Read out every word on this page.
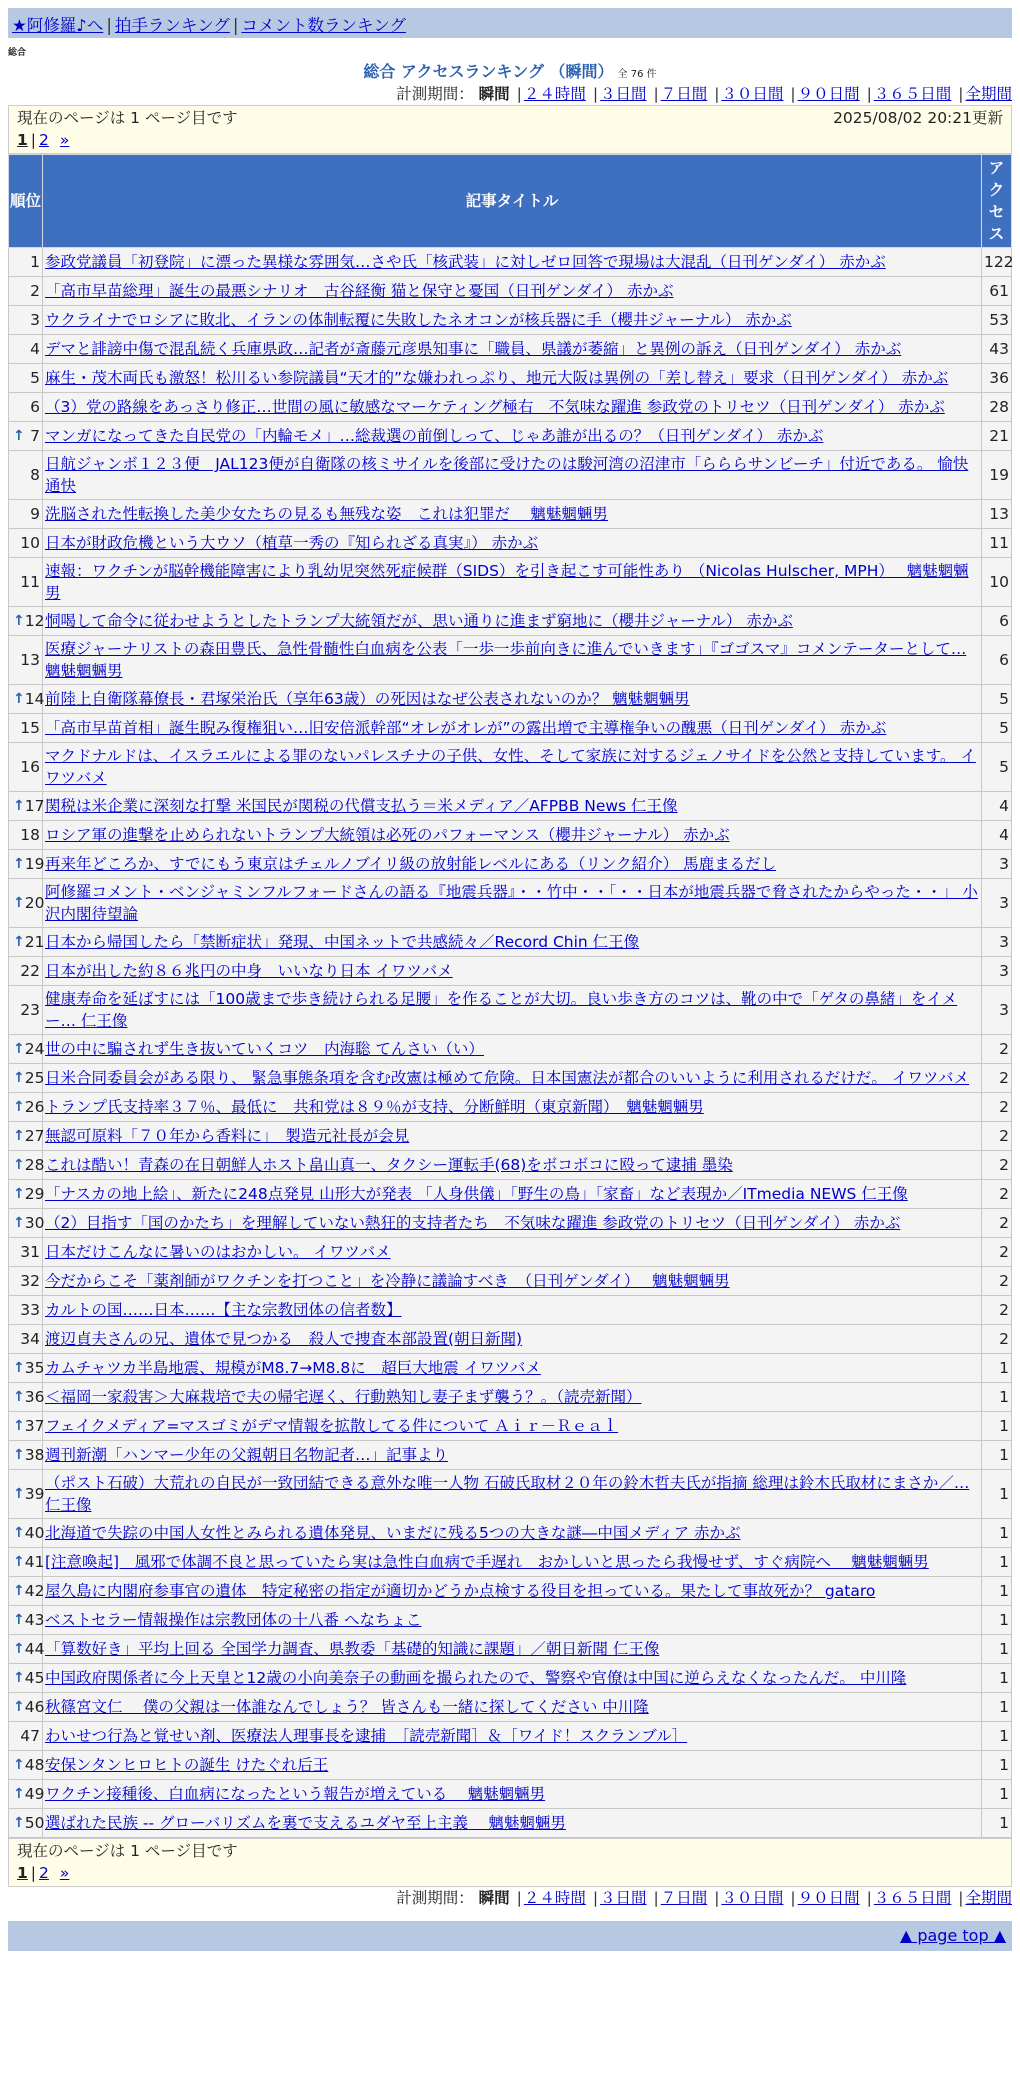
★阿修羅♪へ | 拍手ランキング | コメント数ランキング
総合
総合 アクセスランキング （瞬間） 全 76 件
計測期間： 瞬間 | ２４時間 | ３日間 | ７日間 | ３０日間 | ９０日間 | ３６５日間 | 全期間
現在のページは 1 ページ目です	2025/08/02 20:21更新
1 | 2 »
順位	記事タイトル	アクセス
1	参政党議員「初登院」に漂った異様な雰囲気…さや氏「核武装」に対しゼロ回答で現場は大混乱（日刊ゲンダイ） 赤かぶ	122
2	「高市早苗総理」誕生の最悪シナリオ　古谷経衡 猫と保守と憂国（日刊ゲンダイ） 赤かぶ	61
3	ウクライナでロシアに敗北、イランの体制転覆に失敗したネオコンが核兵器に手（櫻井ジャーナル） 赤かぶ	53
4	デマと誹謗中傷で混乱続く兵庫県政…記者が斎藤元彦県知事に「職員、県議が萎縮」と異例の訴え（日刊ゲンダイ） 赤かぶ	43
5	麻生・茂木両氏も激怒！松川るい参院議員“天才的”な嫌われっぷり、地元大阪は異例の「差し替え」要求（日刊ゲンダイ） 赤かぶ	36
6	（3）党の路線をあっさり修正…世間の風に敏感なマーケティング極右　不気味な躍進 参政党のトリセツ（日刊ゲンダイ） 赤かぶ	28

↑ 7	マンガになってきた自民党の「内輪モメ」…総裁選の前倒しって、じゃあ誰が出るの？（日刊ゲンダイ） 赤かぶ	21
8	日航ジャンボ１２３便　JAL123便が自衛隊の核ミサイルを後部に受けたのは駿河湾の沼津市「らららサンビーチ」付近である。 愉快通快	19
9	洗脳された性転換した美少女たちの見るも無残な姿　これは犯罪だ　 魑魅魍魎男	13
10	日本が財政危機という大ウソ（植草一秀の『知られざる真実』） 赤かぶ	11
11	速報：ワクチンが脳幹機能障害により乳幼児突然死症候群（SIDS）を引き起こす可能性あり （Nicolas Hulscher, MPH）　 魑魅魍魎男	10

↑ 12	恫喝して命令に従わせようとしたトランプ大統領だが、思い通りに進まず窮地に（櫻井ジャーナル） 赤かぶ	6
13	医療ジャーナリストの森田豊氏、急性骨髄性白血病を公表「一歩一歩前向きに進んでいきます」『ゴゴスマ』コメンテーターとして… 魑魅魍魎男	6

↑ 14	前陸上自衛隊幕僚長・君塚栄治氏（享年63歳）の死因はなぜ公表されないのか？ 魑魅魍魎男	5
15	「高市早苗首相」誕生睨み復権狙い…旧安倍派幹部“オレがオレが”の露出増で主導権争いの醜悪（日刊ゲンダイ） 赤かぶ	5
16	マクドナルドは、イスラエルによる罪のないパレスチナの子供、女性、そして家族に対するジェノサイドを公然と支持しています。 イワツバメ	5

↑ 17	関税は米企業に深刻な打撃 米国民が関税の代償支払う＝米メディア／AFPBB News 仁王像	4
18	ロシア軍の進撃を止められないトランプ大統領は必死のパフォーマンス（櫻井ジャーナル） 赤かぶ	4

↑ 19	再来年どころか、すでにもう東京はチェルノブイリ級の放射能レベルにある（リンク紹介） 馬鹿まるだし	3

↑ 20	阿修羅コメント・ベンジャミンフルフォードさんの語る『地震兵器』・・竹中・・「・・日本が地震兵器で脅されたからやった・・」 小沢内閣待望論	3

↑ 21	日本から帰国したら「禁断症状」発現、中国ネットで共感続々／Record Chin 仁王像	3
22	日本が出した約８６兆円の中身　いいなり日本 イワツバメ	3
23	健康寿命を延ばすには「100歳まで歩き続けられる足腰」を作ることが大切。良い歩き方のコツは、靴の中で「ゲタの鼻緒」をイメー… 仁王像	3

↑ 24	世の中に騙されず生き抜いていくコツ　内海聡 てんさい（い）	2

↑ 25	日米合同委員会がある限り、 緊急事態条項を含む改憲は極めて危険。日本国憲法が都合のいいように利用されるだけだ。 イワツバメ	2

↑ 26	トランプ氏支持率３７％、最低に　共和党は８９％が支持、分断鮮明（東京新聞）　魑魅魍魎男	2

↑ 27	無認可原料「７０年から香料に」　製造元社長が会見	2

↑ 28	これは酷い！青森の在日朝鮮人ホスト畠山真一、タクシー運転手(68)をボコボコに殴って逮捕 墨染	2

↑ 29	「ナスカの地上絵」、新たに248点発見 山形大が発表 「人身供儀」「野生の鳥」「家畜」など表現か／ITmedia NEWS 仁王像	2

↑ 30	（2）目指す「国のかたち」を理解していない熱狂的支持者たち　不気味な躍進 参政党のトリセツ（日刊ゲンダイ） 赤かぶ	2
31	日本だけこんなに暑いのはおかしい。 イワツバメ	2
32	今だからこそ「薬剤師がワクチンを打つこと」を冷静に議論すべき　（日刊ゲンダイ）　 魑魅魍魎男	2
33	カルトの国……日本……【主な宗教団体の信者数】	2
34	渡辺貞夫さんの兄、遺体で見つかる　殺人で捜査本部設置(朝日新聞)	2

↑ 35	カムチャツカ半島地震、規模がM8.7→M8.8に　超巨大地震 イワツバメ	1

↑ 36	＜福岡一家殺害＞大麻栽培で夫の帰宅遅く、行動熟知し妻子まず襲う？。（読売新聞）	1

↑ 37	フェイクメディア=マスゴミがデマ情報を拡散してる件について Ａｉｒ－Ｒｅａｌ	1

↑ 38	週刊新潮「ハンマー少年の父親朝日名物記者…」記事より	1

↑ 39	（ポスト石破）大荒れの自民が一致団結できる意外な唯一人物 石破氏取材２０年の鈴木哲夫氏が指摘 総理は鈴木氏取材にまさか／… 仁王像	1

↑ 40	北海道で失踪の中国人女性とみられる遺体発見、いまだに残る5つの大きな謎―中国メディア 赤かぶ	1

↑ 41	[注意喚起]　風邪で体調不良と思っていたら実は急性白血病で手遅れ　おかしいと思ったら我慢せず、すぐ病院へ　 魑魅魍魎男	1

↑ 42	屋久島に内閣府参事官の遺体　特定秘密の指定が適切かどうか点検する役目を担っている。果たして事故死か？ gataro	1

↑ 43	ベストセラー情報操作は宗教団体の十八番 へなちょこ	1

↑ 44	「算数好き」平均上回る 全国学力調査、県教委「基礎的知識に課題」／朝日新聞 仁王像	1

↑ 45	中国政府関係者に今上天皇と12歳の小向美奈子の動画を撮られたので、警察や官僚は中国に逆らえなくなったんだ。 中川隆	1

↑ 46	秋篠宮文仁　 僕の父親は一体誰なんでしょう？ 皆さんも一緒に探してください 中川隆	1
47	わいせつ行為と覚せい剤、医療法人理事長を逮捕　［読売新聞］＆［ワイド！スクランブル］	1

↑ 48	安保ンタンヒロヒトの誕生 けたぐれ后王	1

↑ 49	ワクチン接種後、白血病になったという報告が増えている　 魑魅魍魎男	1

↑ 50	選ばれた民族 -- グローバリズムを裏で支えるユダヤ至上主義　 魑魅魍魎男	1
現在のページは 1 ページ目です
1 | 2 »
計測期間： 瞬間 | ２４時間 | ３日間 | ７日間 | ３０日間 | ９０日間 | ３６５日間 | 全期間
▲ page top ▲
